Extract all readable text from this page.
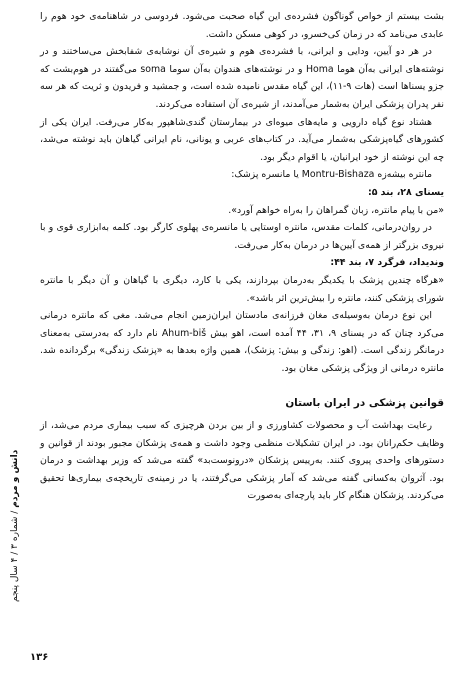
بشت بیستم از خواص گوناگون فشرده‌ی این گیاه صحبت می‌شود. فردوسی در شاهنامه‌ی خود هوم را عابدی می‌نامد که در زمان کی‌خسرو، در کوهی مسکن داشت.

در هر دو آیین، ودایی و ایرانی، با فشرده‌ی هوم و شیره‌ی آن نوشابه‌ی شفابخش می‌ساختند و در نوشته‌های ایرانی به‌آن هوما Homa و در نوشته‌های هندوان به‌آن سوما soma می‌گفتند در هوم‌بشت که جزو یسناها است (هات ۹-۱۱)، این گیاه مقدس نامیده شده است، و جمشید و فریدون و ثریت که هر سه نفر پدران پزشکی ایران به‌شمار می‌آمدند، از شیره‌ی آن استفاده می‌کردند.

هشتاد نوع گیاه دارویی و مایه‌های میوه‌ای در بیمارستان گندی‌شاهپور به‌کار می‌رفت. ایران یکی از کشورهای گیاه‌پزشکی به‌شمار می‌آید. در کتاب‌های عربی و یونانی، نام ایرانی گیاهان باید نوشته می‌شد، چه این نوشته از خود ایرانیان، یا اقوام دیگر بود.

مانتره بیشه‌زه Montru-Bishaza یا مانسره پزشک:

یسنای ۲۸، بند ۵:

«من با پیام مانتره، زبان گمراهان را به‌راه خواهم آورد».

در روان‌درمانی، کلمات مقدس، مانتره اوستایی یا مانسره‌ی پهلوی کارگر بود. کلمه به‌ابزاری قوی و با نیروی بزرگتر از همه‌ی آیین‌ها در درمان به‌کار می‌رفت.

وندیداد، فرگرد ۷، بند ۴۴:

«هرگاه چندین پزشک با یکدیگر به‌درمان بپردازند، یکی با کارد، دیگری با گیاهان و آن دیگر با مانتره شورای پزشکی کنند، مانتره را بیش‌ترین اثر باشد».

این نوع درمان به‌وسیله‌ی مغان فرزانه‌ی مادستان ایران‌زمین انجام می‌شد. مغی که مانتره درمانی می‌کرد چنان که در یسنای ۹، ۳۱، ۴۴ آمده است، اهو بیش Ahum-biš نام دارد که به‌درستی به‌معنای درمانگر زندگی است. (اهو: زندگی و بیش: پزشک)، همین واژه بعدها به «پزشک زندگی» برگردانده شد. مانتره درمانی از ویژگی پزشکی مغان بود.

قوانین پزشکی در ایران باستان

رعایت بهداشت آب و محصولات کشاورزی و از بین بردن هرچیزی که سبب بیماری مردم می‌شد، از وظایف حکم‌رانان بود. در ایران تشکیلات منظمی وجود داشت و همه‌ی پزشکان مجبور بودند از قوانین و دستورهای واحدی پیروی کنند. به‌رییس پزشکان «درونوست‌بد» گفته می‌شد که وزیر بهداشت و درمان بود. آثروان به‌کسانی گفته می‌شد که آمار پزشکی می‌گرفتند، یا در زمینه‌ی تاریخچه‌ی بیماری‌ها تحقیق می‌کردند. پزشکان هنگام کار باید پارچه‌ای به‌صورت

دانش و مردم / شماره ۳ / ۴ سال پنجم
۱۳۶
